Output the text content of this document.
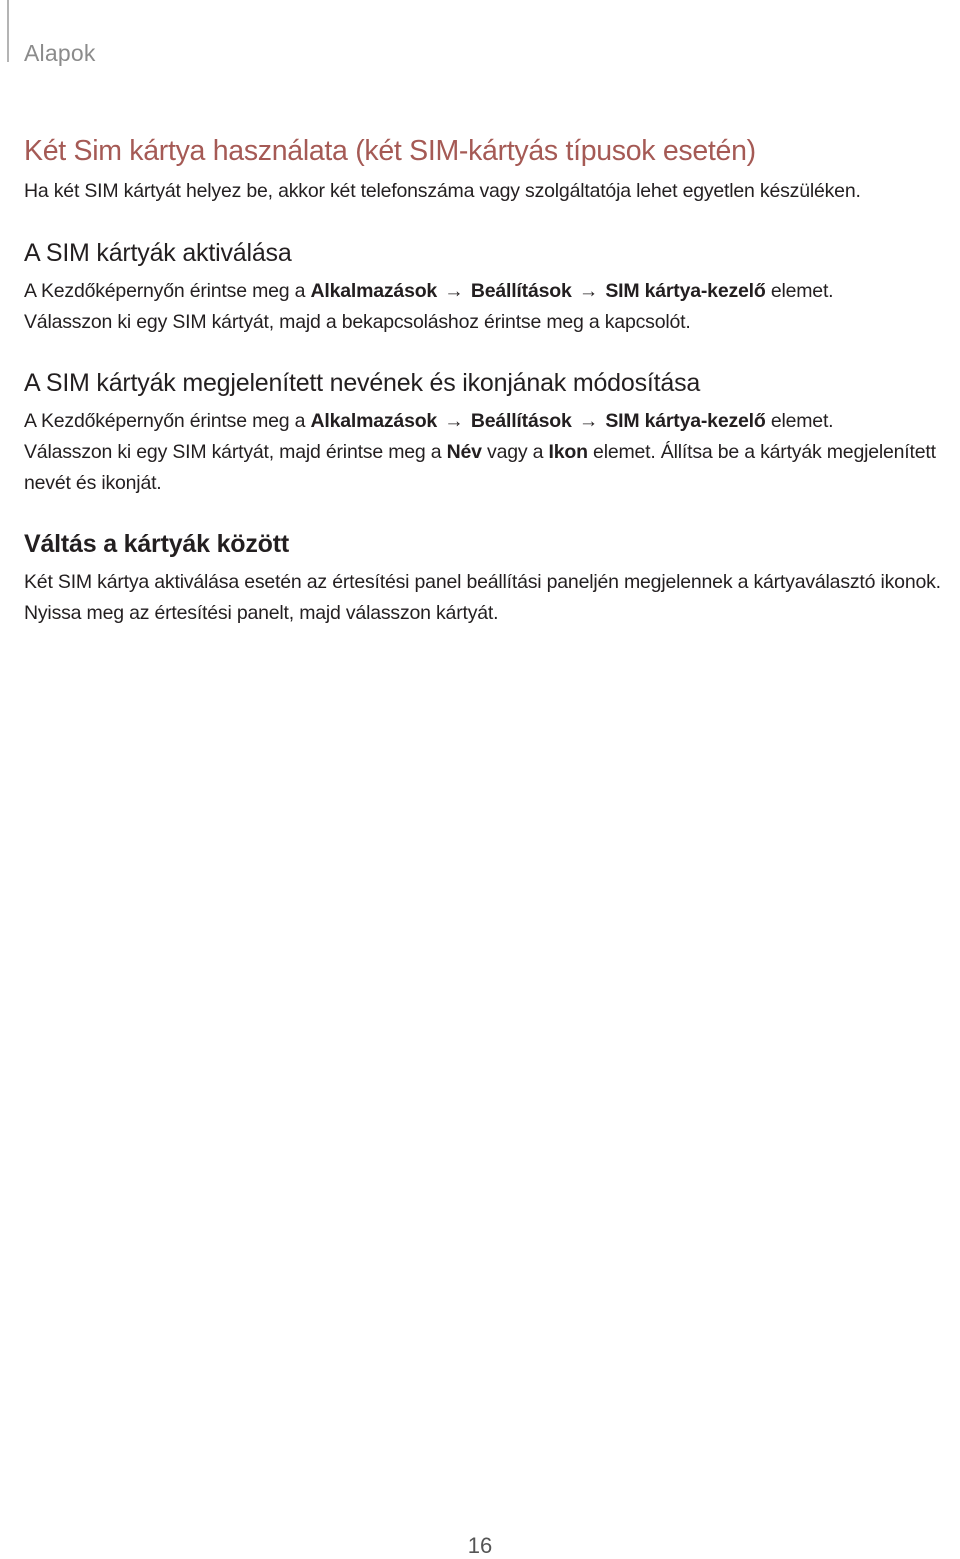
Alapok
Két Sim kártya használata (két SIM-kártyás típusok esetén)

Ha két SIM kártyát helyez be, akkor két telefonszáma vagy szolgáltatója lehet egyetlen készüléken.

A SIM kártyák aktiválása

A Kezdőképernyőn érintse meg a Alkalmazások → Beállítások → SIM kártya-kezelő elemet.
Válasszon ki egy SIM kártyát, majd a bekapcsoláshoz érintse meg a kapcsolót.

A SIM kártyák megjelenített nevének és ikonjának módosítása

A Kezdőképernyőn érintse meg a Alkalmazások → Beállítások → SIM kártya-kezelő elemet.
Válasszon ki egy SIM kártyát, majd érintse meg a Név vagy a Ikon elemet. Állítsa be a kártyák megjelenített nevét és ikonját.

Váltás a kártyák között

Két SIM kártya aktiválása esetén az értesítési panel beállítási paneljén megjelennek a kártyaválasztó ikonok. Nyissa meg az értesítési panelt, majd válasszon kártyát.

16
